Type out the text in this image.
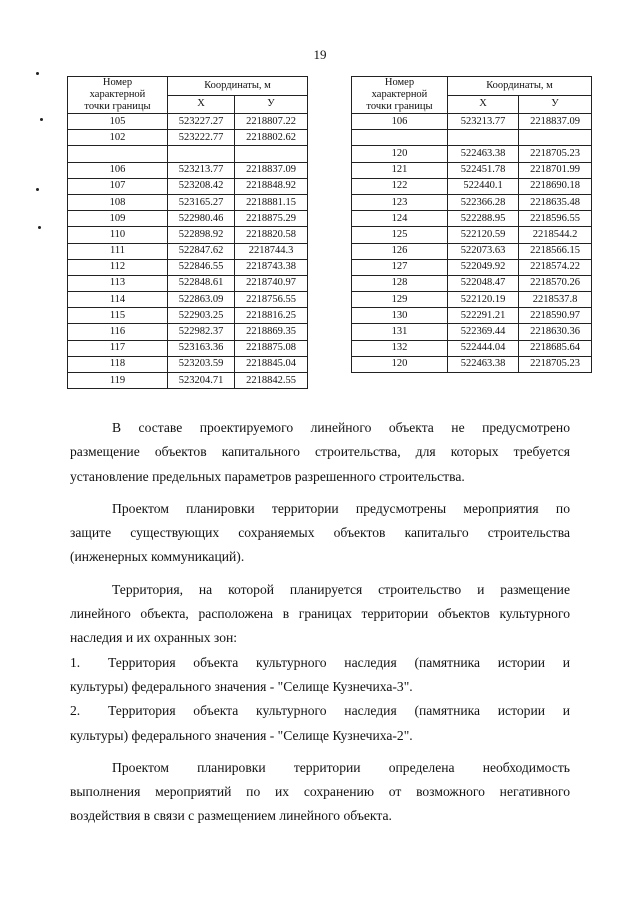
19
Номер
характерной
точки границы	Координаты, м	
	X	У
105	523227.27	2218807.22
102	523222.77	2218802.62

106	523213.77	2218837.09
107	523208.42	2218848.92
108	523165.27	2218881.15
109	522980.46	2218875.29
110	522898.92	2218820.58
111	522847.62	2218744.3
112	522846.55	2218743.38
113	522848.61	2218740.97
114	522863.09	2218756.55
115	522903.25	2218816.25
116	522982.37	2218869.35
117	523163.36	2218875.08
118	523203.59	2218845.04
119	523204.71	2218842.55
Номер
характерной
точки границы	Координаты, м	
	X	У
106	523213.77	2218837.09

120	522463.38	2218705.23
121	522451.78	2218701.99
122	522440.1	2218690.18
123	522366.28	2218635.48
124	522288.95	2218596.55
125	522120.59	2218544.2
126	522073.63	2218566.15
127	522049.92	2218574.22
128	522048.47	2218570.26
129	522120.19	2218537.8
130	522291.21	2218590.97
131	522369.44	2218630.36
132	522444.04	2218685.64
120	522463.38	2218705.23

В составе проектируемого линейного объекта не предусмотрено
размещение объектов капитального строительства, для которых требуется
установление предельных параметров разрешенного строительства.

Проектом планировки территории предусмотрены мероприятия по
защите существующих сохраняемых объектов капитальго строительства
(инженерных коммуникаций).

Территория, на которой планируется строительство и размещение
линейного объекта, расположена в границах территории объектов культурного
наследия и их охранных зон:

1. Территория объекта культурного наследия (памятника истории и
культуры) федерального значения - "Селище Кузнечиха-3".

2. Территория объекта культурного наследия (памятника истории и
культуры) федерального значения - "Селище Кузнечиха-2".

Проектом планировки территории определена необходимость
выполнения мероприятий по их сохранению от возможного негативного
воздействия в связи с размещением линейного объекта.
